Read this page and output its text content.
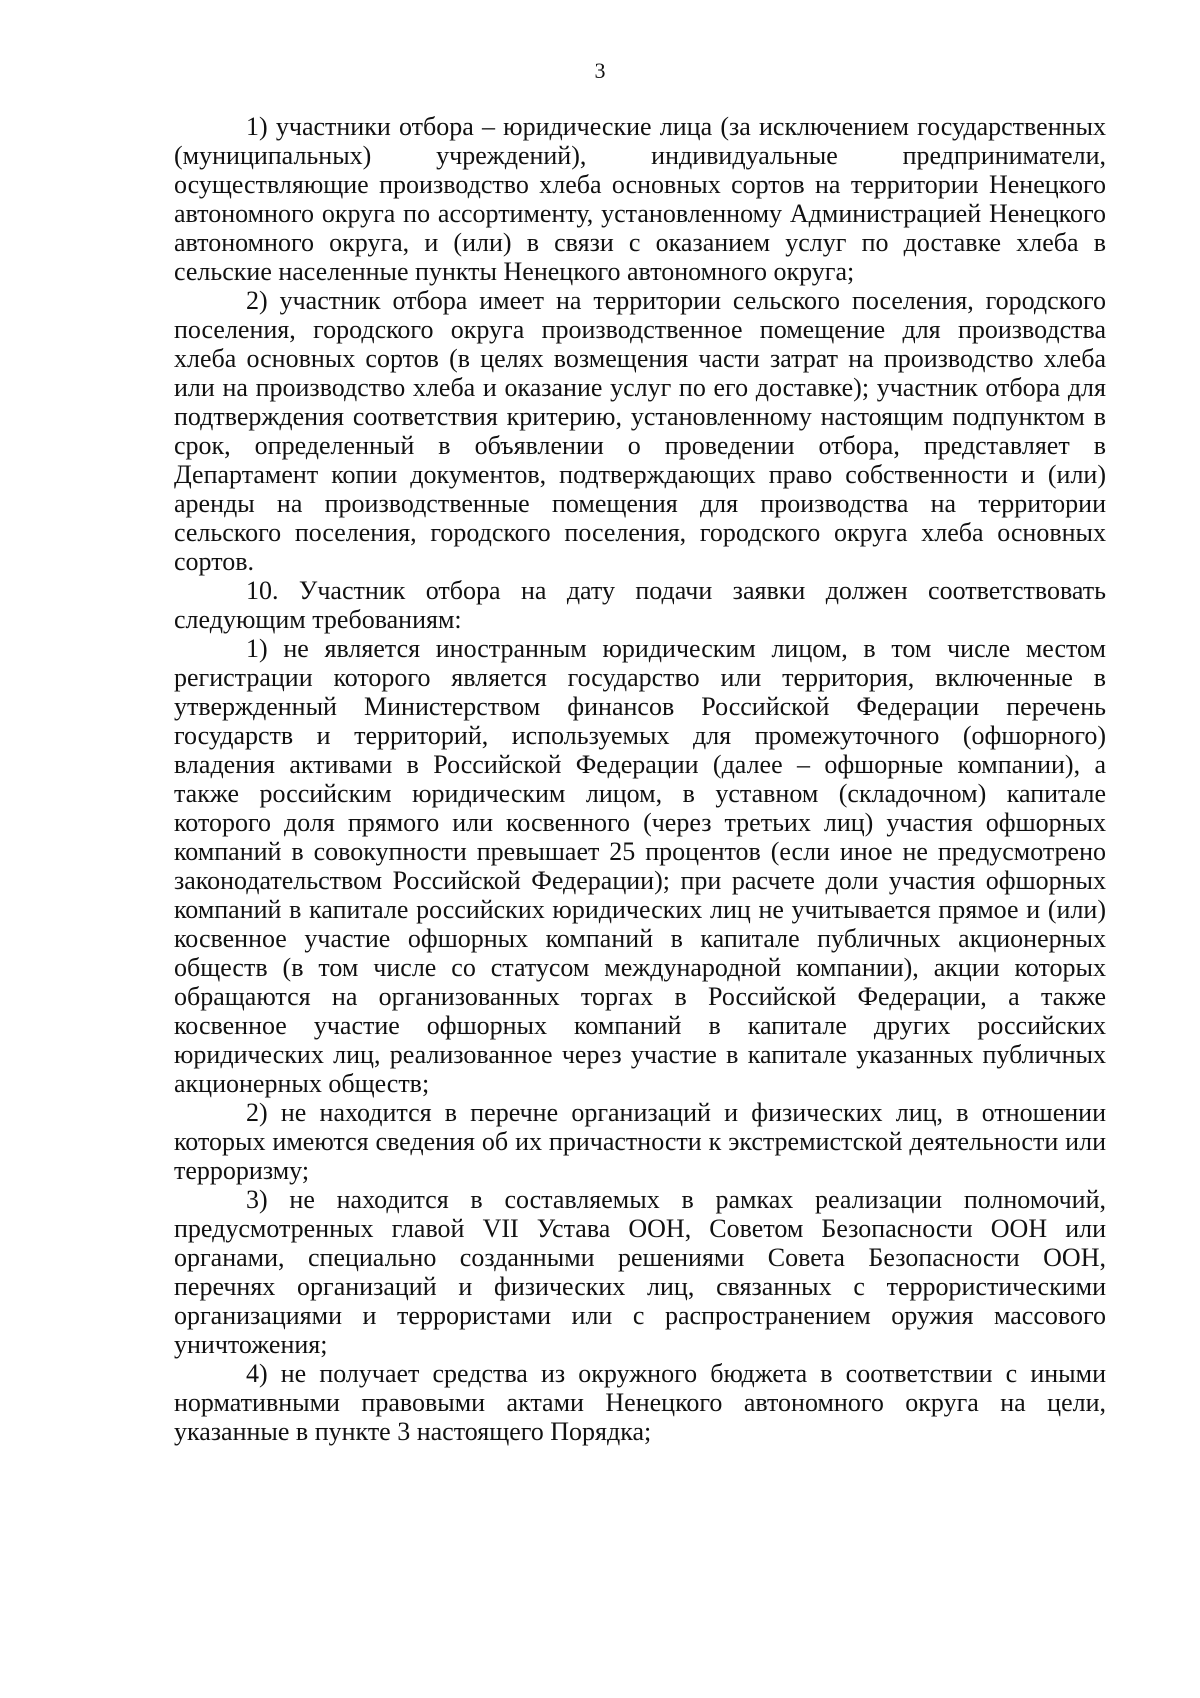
3

1) участники отбора – юридические лица (за исключением государственных (муниципальных) учреждений), индивидуальные предприниматели, осуществляющие производство хлеба основных сортов на территории Ненецкого автономного округа по ассортименту, установленному Администрацией Ненецкого автономного округа, и (или) в связи с оказанием услуг по доставке хлеба в сельские населенные пункты Ненецкого автономного округа;

2) участник отбора имеет на территории сельского поселения, городского поселения, городского округа производственное помещение для производства хлеба основных сортов (в целях возмещения части затрат на производство хлеба или на производство хлеба и оказание услуг по его доставке); участник отбора для подтверждения соответствия критерию, установленному настоящим подпунктом в срок, определенный в объявлении о проведении отбора, представляет в Департамент копии документов, подтверждающих право собственности и (или) аренды на производственные помещения для производства на территории сельского поселения, городского поселения, городского округа хлеба основных сортов.

10. Участник отбора на дату подачи заявки должен соответствовать следующим требованиям:

1) не является иностранным юридическим лицом, в том числе местом регистрации которого является государство или территория, включенные в утвержденный Министерством финансов Российской Федерации перечень государств и территорий, используемых для промежуточного (офшорного) владения активами в Российской Федерации (далее – офшорные компании), а также российским юридическим лицом, в уставном (складочном) капитале которого доля прямого или косвенного (через третьих лиц) участия офшорных компаний в совокупности превышает 25 процентов (если иное не предусмотрено законодательством Российской Федерации); при расчете доли участия офшорных компаний в капитале российских юридических лиц не учитывается прямое и (или) косвенное участие офшорных компаний в капитале публичных акционерных обществ (в том числе со статусом международной компании), акции которых обращаются на организованных торгах в Российской Федерации, а также косвенное участие офшорных компаний в капитале других российских юридических лиц, реализованное через участие в капитале указанных публичных акционерных обществ;

2) не находится в перечне организаций и физических лиц, в отношении которых имеются сведения об их причастности к экстремистской деятельности или терроризму;

3) не находится в составляемых в рамках реализации полномочий, предусмотренных главой VII Устава ООН, Советом Безопасности ООН или органами, специально созданными решениями Совета Безопасности ООН, перечнях организаций и физических лиц, связанных с террористическими организациями и террористами или с распространением оружия массового уничтожения;

4) не получает средства из окружного бюджета в соответствии с иными нормативными правовыми актами Ненецкого автономного округа на цели, указанные в пункте 3 настоящего Порядка;
